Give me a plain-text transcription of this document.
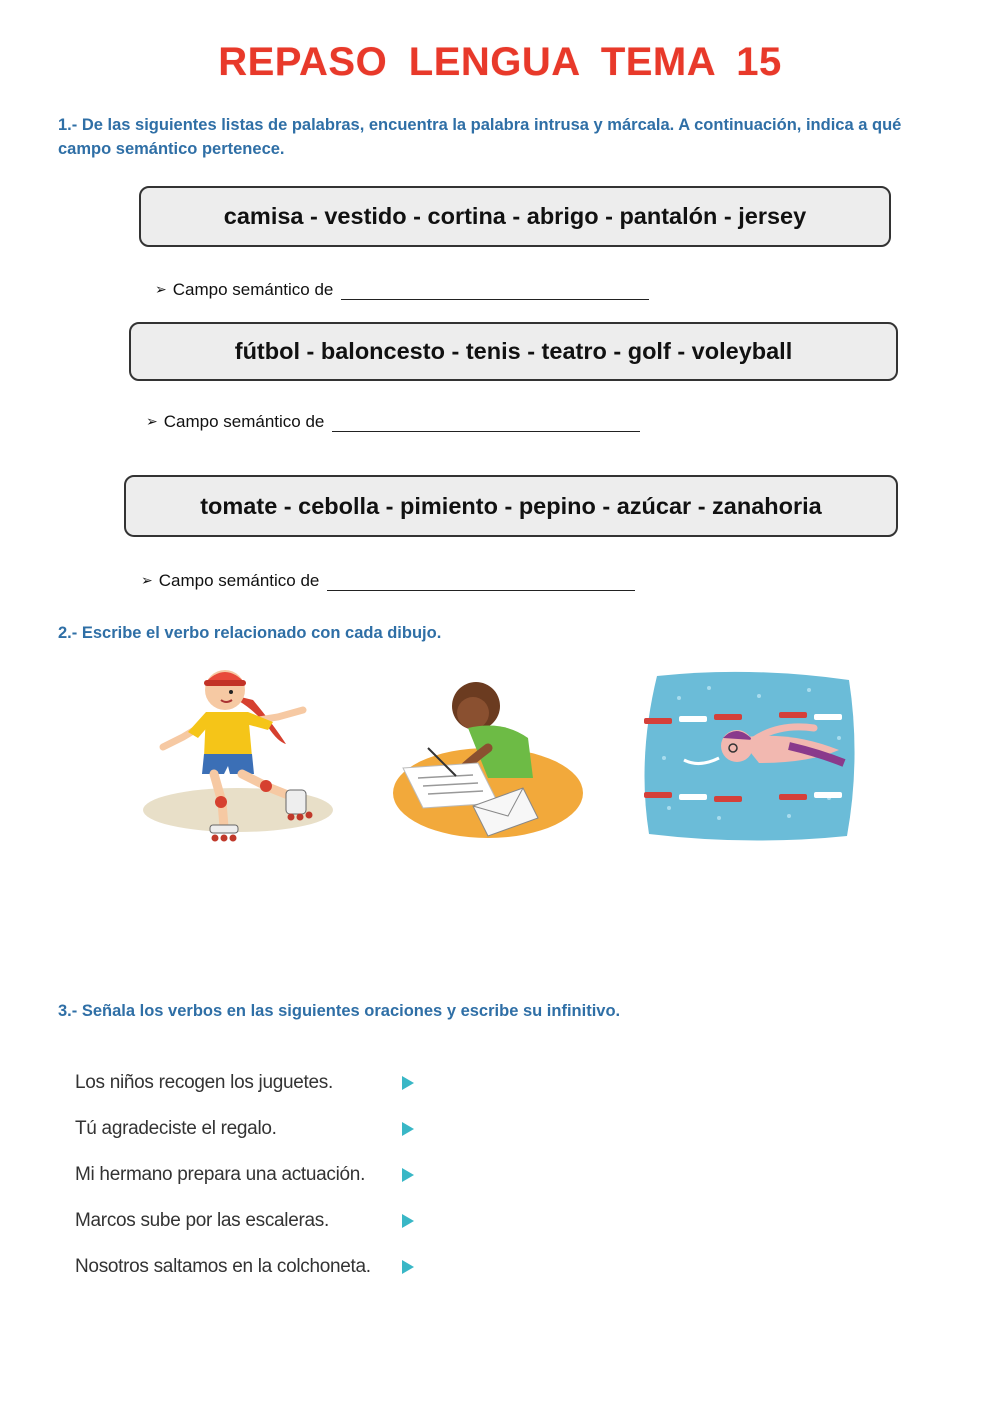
REPASO LENGUA TEMA 15
1.- De las siguientes listas de palabras, encuentra la palabra intrusa y márcala. A continuación, indica a qué campo semántico pertenece.
camisa - vestido - cortina - abrigo - pantalón - jersey
➢ Campo semántico de
fútbol - baloncesto - tenis - teatro - golf - voleyball
➢ Campo semántico de
tomate - cebolla - pimiento - pepino - azúcar - zanahoria
➢ Campo semántico de
2.- Escribe el verbo relacionado con cada dibujo.
3.- Señala los verbos en las siguientes oraciones y escribe su infinitivo.
Los niños recogen los juguetes.
Tú agradeciste el regalo.
Mi hermano prepara una actuación.
Marcos sube por las escaleras.
Nosotros saltamos en la colchoneta.
